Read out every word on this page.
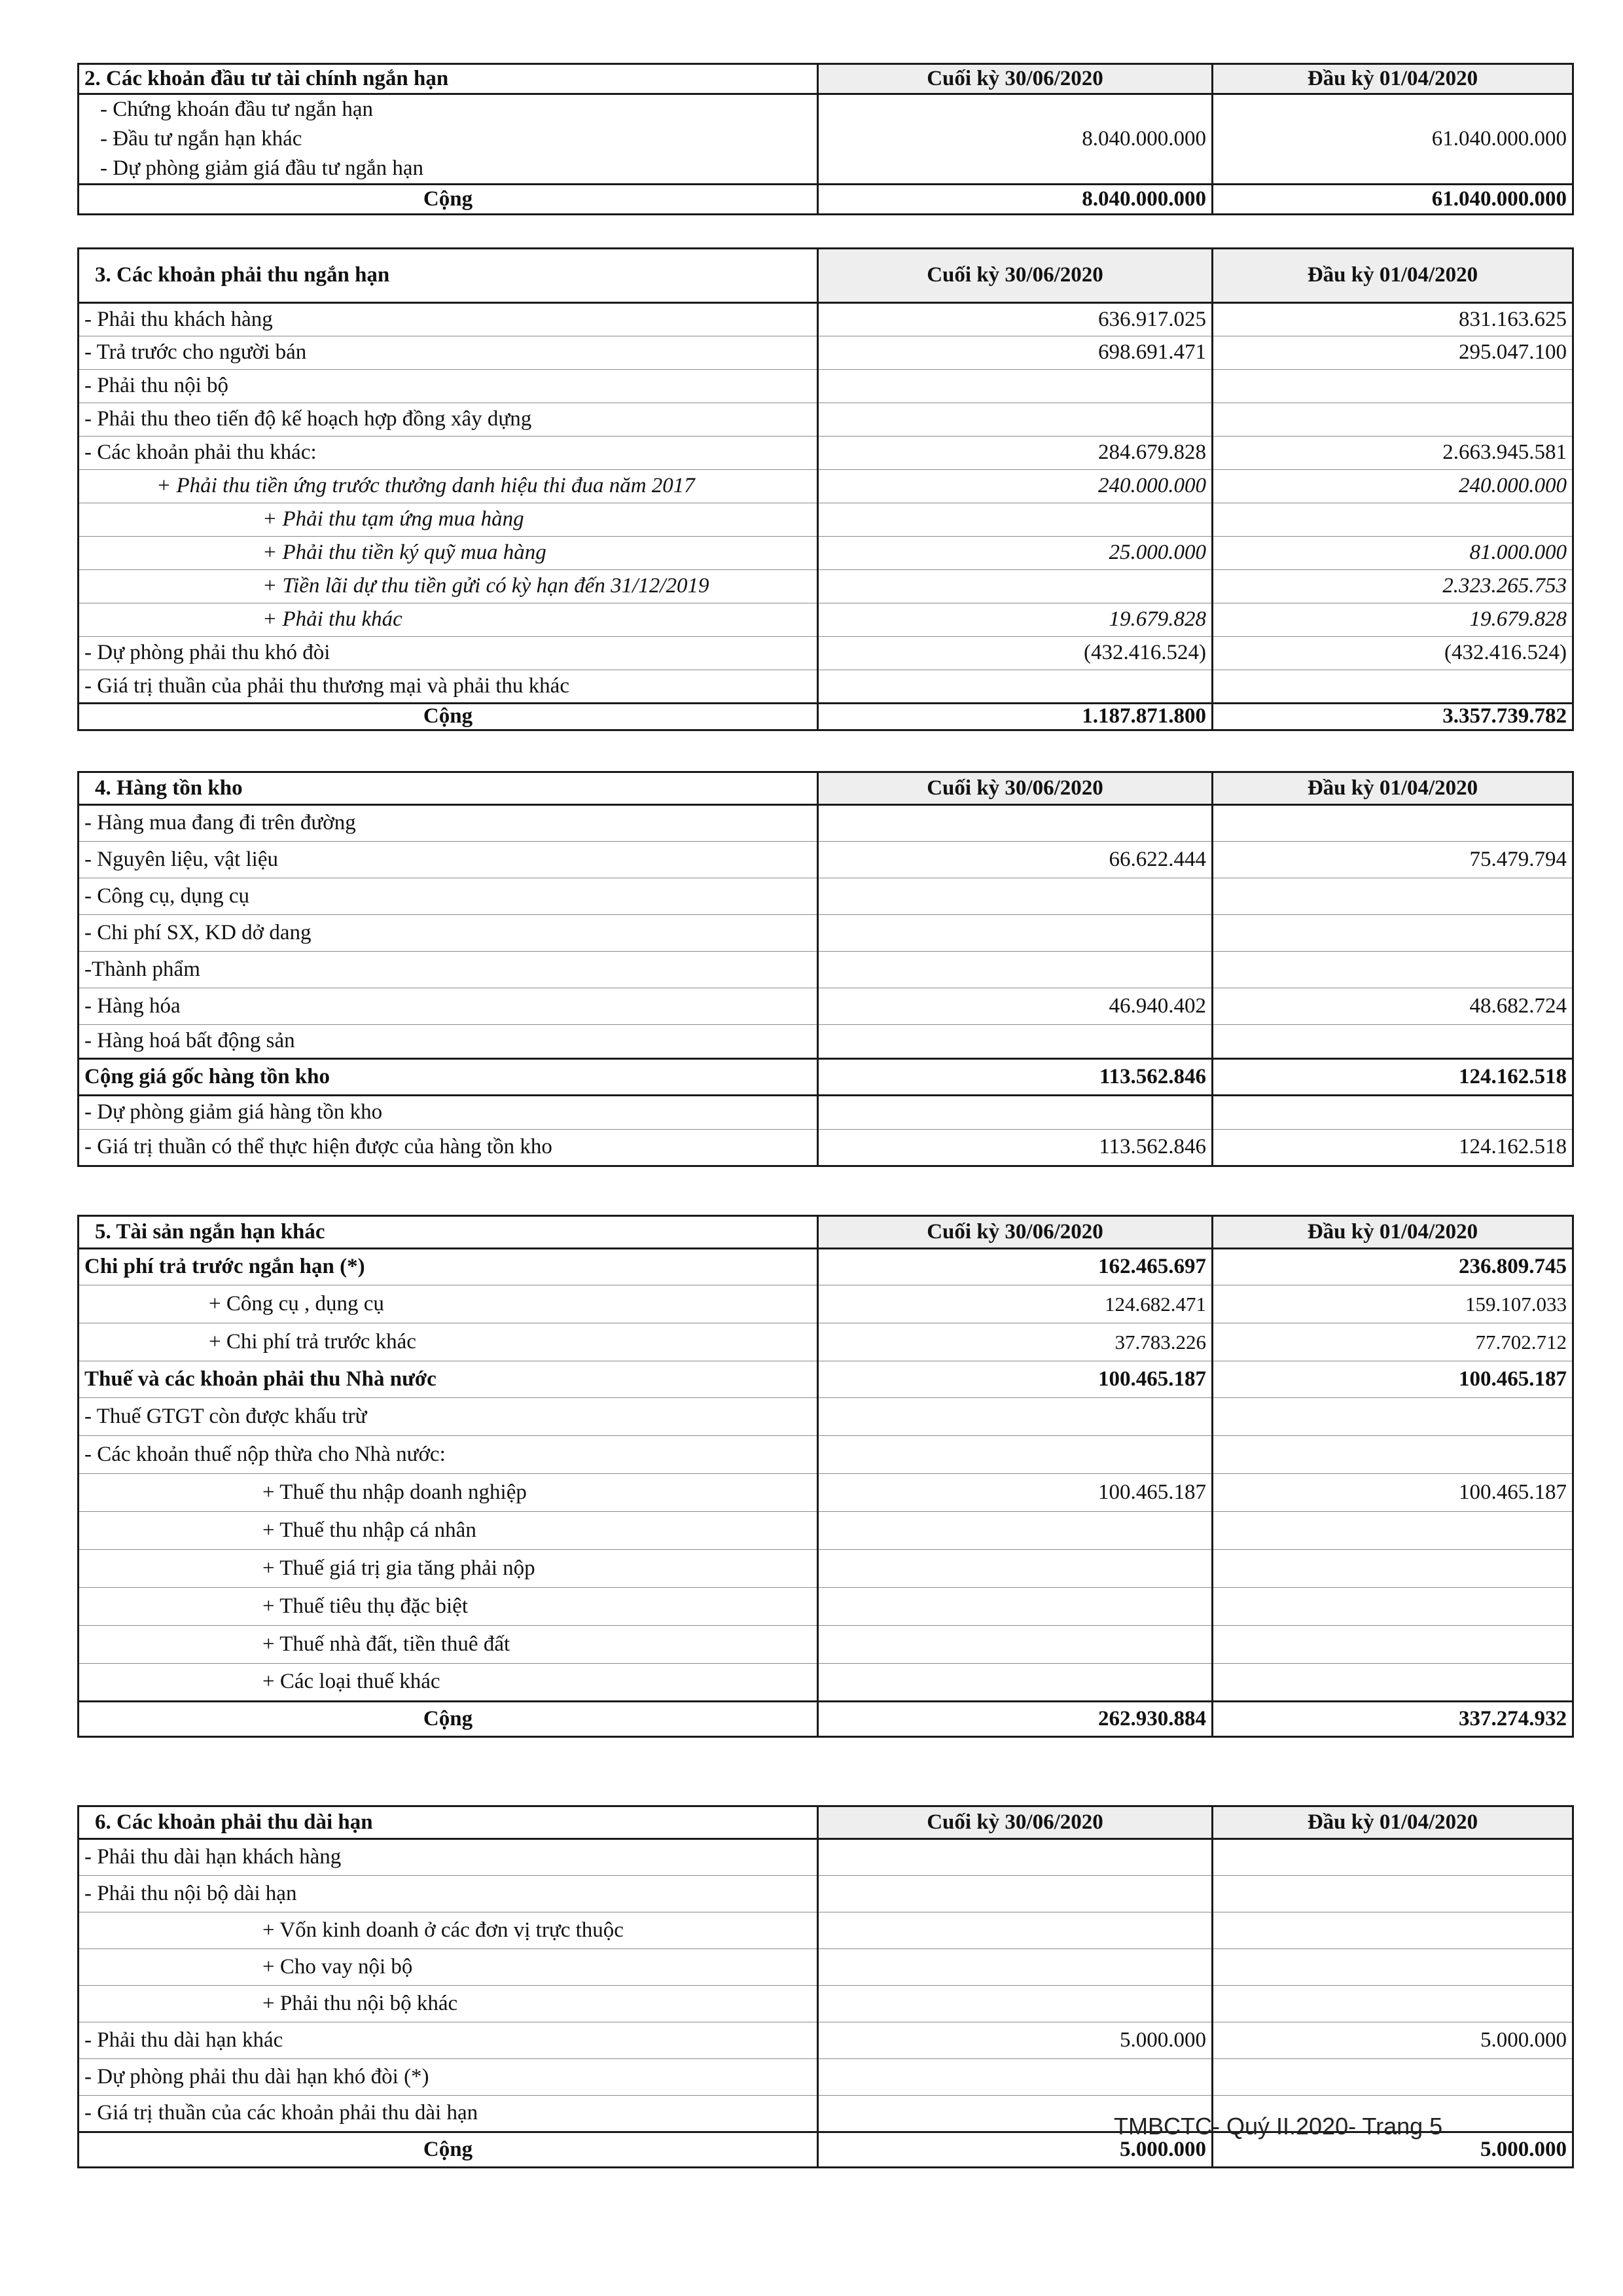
2. Các khoản đầu tư tài chính ngắn hạn	Cuối kỳ 30/06/2020	Đầu kỳ 01/04/2020

- Chứng khoán đầu tư ngắn hạn
- Đầu tư ngắn hạn khác
- Dự phòng giảm giá đầu tư ngắn hạn	8.040.000.000	61.040.000.000
Cộng	8.040.000.000	61.040.000.000
3. Các khoản phải thu ngắn hạn	Cuối kỳ 30/06/2020	Đầu kỳ 01/04/2020
- Phải thu khách hàng	636.917.025	831.163.625
- Trả trước cho người bán	698.691.471	295.047.100
- Phải thu nội bộ		
- Phải thu theo tiến độ kế hoạch hợp đồng xây dựng		
- Các khoản phải thu khác:	284.679.828	2.663.945.581
+ Phải thu tiền ứng trước thưởng danh hiệu thi đua năm 2017	240.000.000	240.000.000
+ Phải thu tạm ứng mua hàng		
+ Phải thu tiền ký quỹ mua hàng	25.000.000	81.000.000
+ Tiền lãi dự thu tiền gửi có kỳ hạn đến 31/12/2019		2.323.265.753
+ Phải thu khác	19.679.828	19.679.828
- Dự phòng phải thu khó đòi	(432.416.524)	(432.416.524)
- Giá trị thuần của phải thu thương mại và phải thu khác		
Cộng	1.187.871.800	3.357.739.782
4. Hàng tồn kho	Cuối kỳ 30/06/2020	Đầu kỳ 01/04/2020
- Hàng mua đang đi trên đường		
- Nguyên liệu, vật liệu	66.622.444	75.479.794
- Công cụ, dụng cụ		
- Chi phí SX, KD dở dang		
-Thành phẩm		
- Hàng hóa	46.940.402	48.682.724
- Hàng hoá bất động sản		
Cộng giá gốc hàng tồn kho	113.562.846	124.162.518
- Dự phòng giảm giá hàng tồn kho		
- Giá trị thuần có thể thực hiện được của hàng tồn kho	113.562.846	124.162.518
5. Tài sản ngắn hạn khác	Cuối kỳ 30/06/2020	Đầu kỳ 01/04/2020
Chi phí trả trước ngắn hạn (*)	162.465.697	236.809.745
+ Công cụ , dụng cụ	124.682.471	159.107.033
+ Chi phí trả trước khác	37.783.226	77.702.712
Thuế và các khoản phải thu Nhà nước	100.465.187	100.465.187
- Thuế GTGT còn được khấu trừ		
- Các khoản thuế nộp thừa cho Nhà nước:		
+ Thuế thu nhập doanh nghiệp	100.465.187	100.465.187
+ Thuế thu nhập cá nhân		
+ Thuế giá trị gia tăng phải nộp		
+ Thuế tiêu thụ đặc biệt		
+ Thuế nhà đất, tiền thuê đất		
+ Các loại thuế khác		
Cộng	262.930.884	337.274.932
6. Các khoản phải thu dài hạn	Cuối kỳ 30/06/2020	Đầu kỳ 01/04/2020
- Phải thu dài hạn khách hàng		
- Phải thu nội bộ dài hạn		
+ Vốn kinh doanh ở các đơn vị trực thuộc		
+ Cho vay nội bộ		
+ Phải thu nội bộ khác		
- Phải thu dài hạn khác	5.000.000	5.000.000
- Dự phòng phải thu dài hạn khó đòi (*)		
- Giá trị thuần của các khoản phải thu dài hạn		
Cộng	5.000.000	5.000.000
TMBCTC- Quý II.2020- Trang 5
